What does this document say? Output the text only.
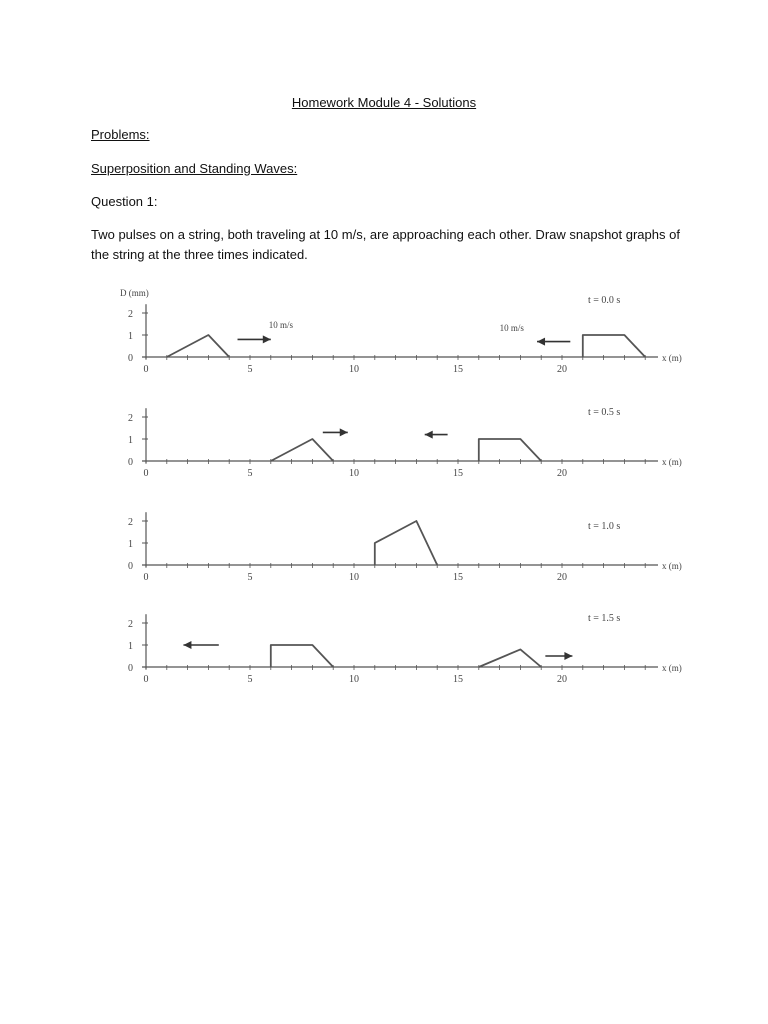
Homework Module 4 - Solutions
Problems:
Superposition and Standing Waves:
Question 1:
Two pulses on a string, both traveling at 10 m/s, are approaching each other. Draw snapshot graphs of the string at the three times indicated.
0
1
2
0	5	10	15	20
x (m)
t = 0.0 s
D (mm)
10 m/s	10 m/s
0
1
2
0	5	10	15	20
x (m)
t = 0.5 s
0
1
2
0	5	10	15	20
x (m)
t = 1.0 s
0
1
2
0	5	10	15	20
x (m)
t = 1.5 s
